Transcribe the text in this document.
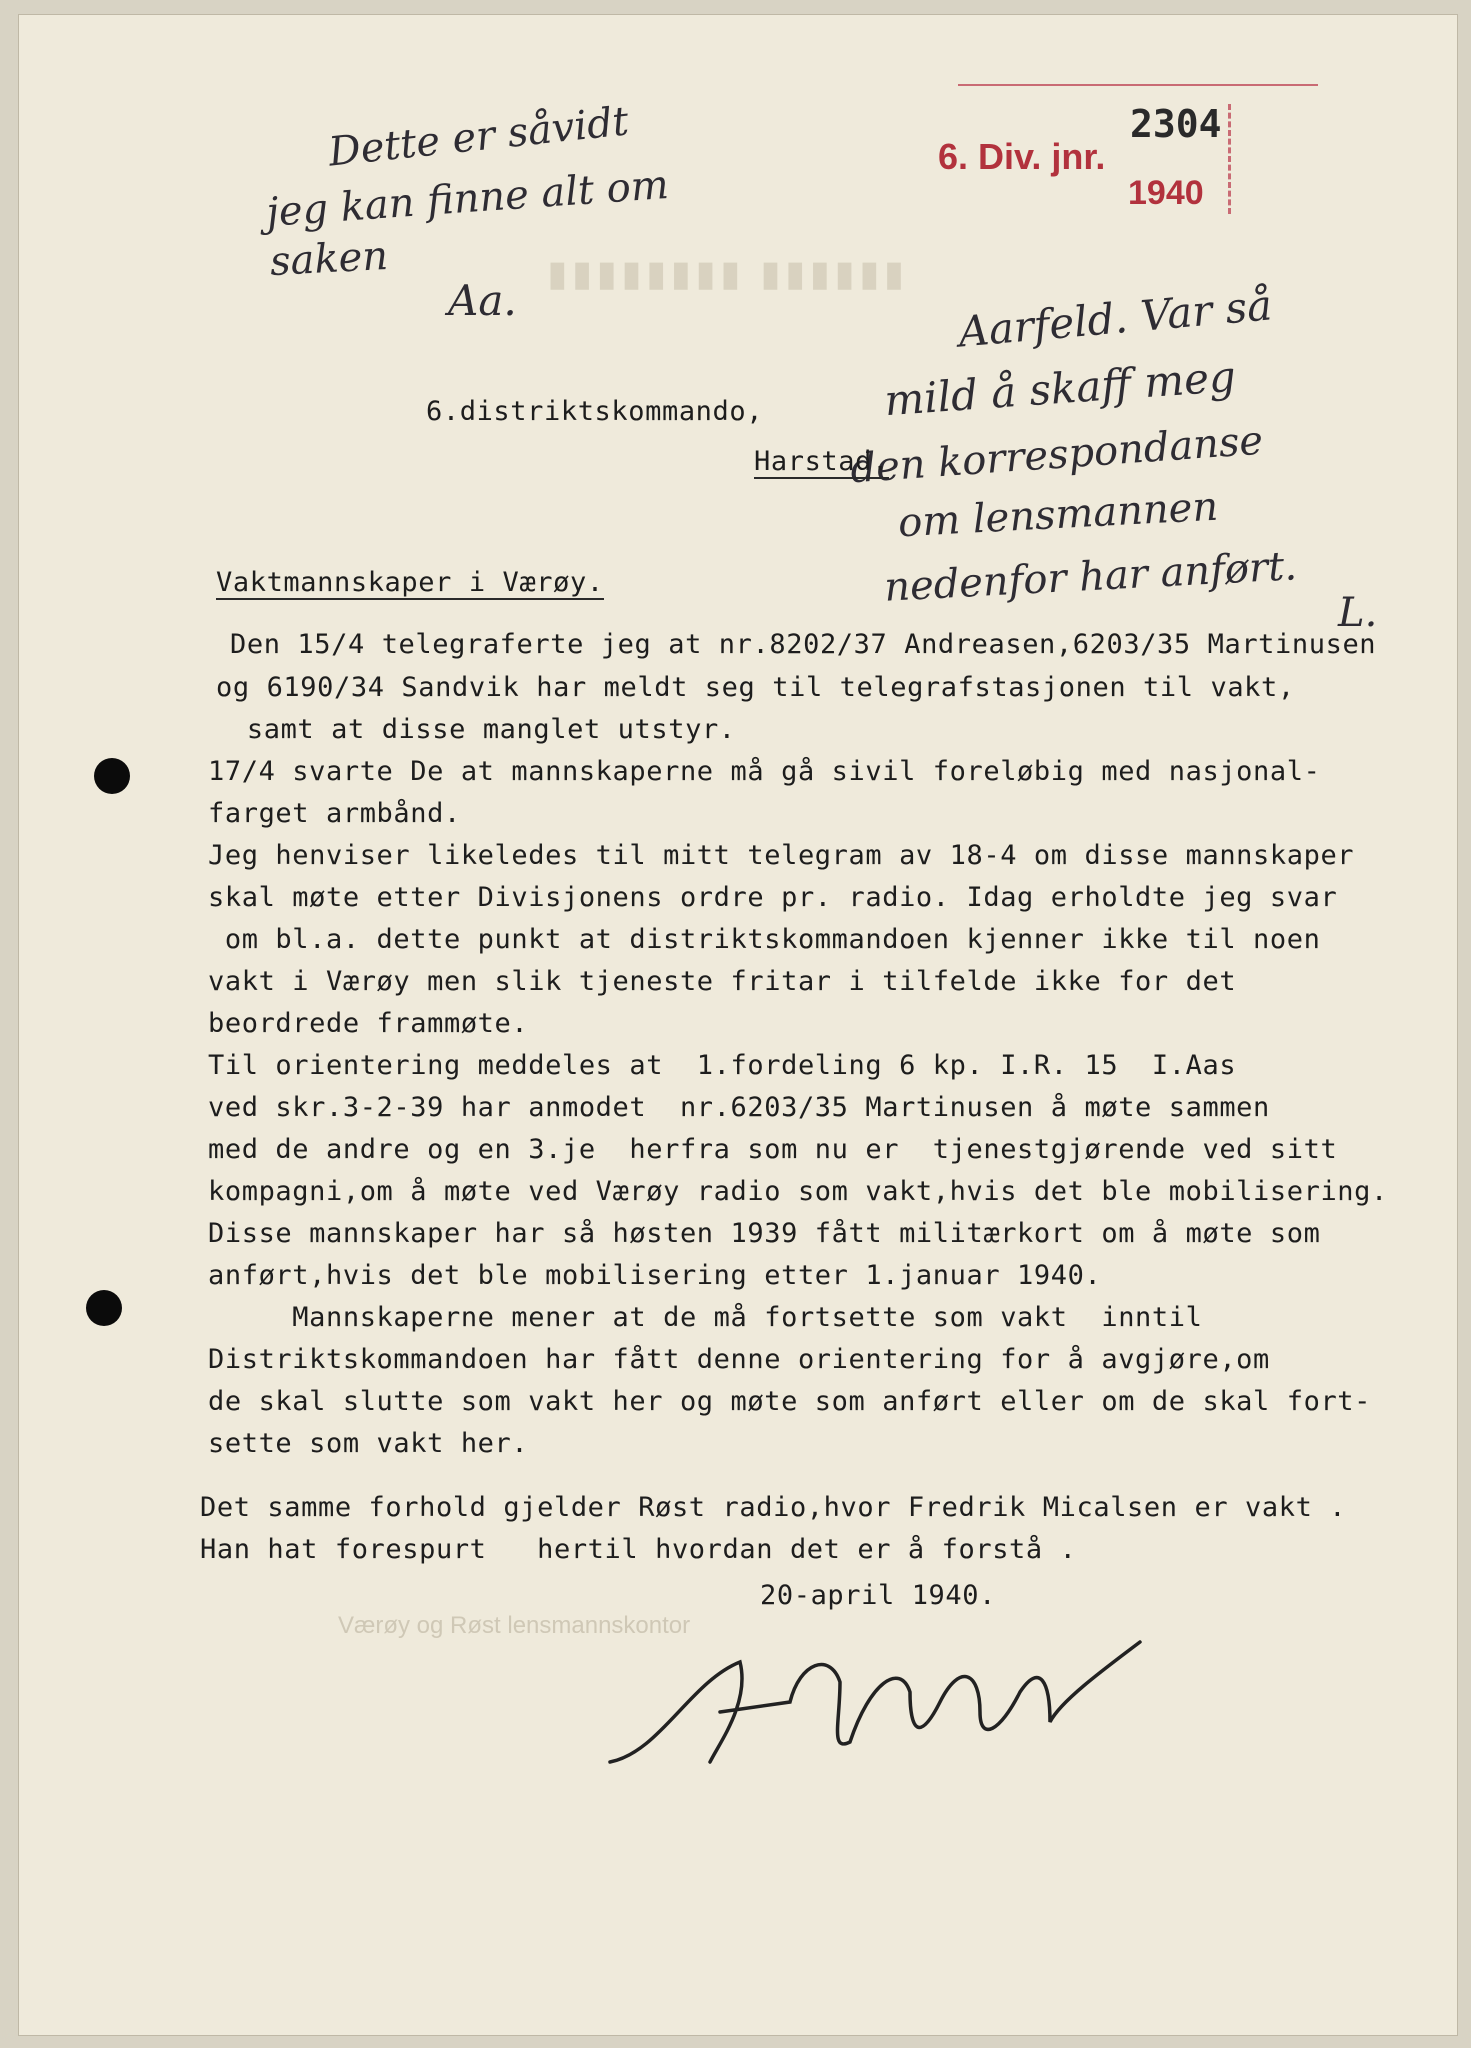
▮▮▮▮▮▮▮▮ ▮▮▮▮▮▮
Værøy og Røst lensmannskontor
2304
6. Div. jnr.
1940
Dette er såvidt
jeg kan finne alt om
saken
Aa.	Aarfeld. Var så
mild å skaff meg
den korrespondanse
om lensmannen
nedenfor har anført.
L.
6.distriktskommando,
Harstad.
Vaktmannskaper i Værøy.
Den 15/4 telegraferte jeg at nr.8202/37 Andreasen,6203/35 Martinusen
og 6190/34 Sandvik har meldt seg til telegrafstasjonen til vakt,
samt at disse manglet utstyr.
17/4 svarte De at mannskaperne må gå sivil foreløbig med nasjonal-
farget armbånd.
Jeg henviser likeledes til mitt telegram av 18-4 om disse mannskaper
skal møte etter Divisjonens ordre pr. radio. Idag erholdte jeg svar
om bl.a. dette punkt at distriktskommandoen kjenner ikke til noen
vakt i Værøy men slik tjeneste fritar i tilfelde ikke for det
beordrede frammøte.
Til orientering meddeles at  1.fordeling 6 kp. I.R. 15  I.Aas
ved skr.3-2-39 har anmodet  nr.6203/35 Martinusen å møte sammen
med de andre og en 3.je  herfra som nu er  tjenestgjørende ved sitt
kompagni,om å møte ved Værøy radio som vakt,hvis det ble mobilisering.
Disse mannskaper har så høsten 1939 fått militærkort om å møte som
anført,hvis det ble mobilisering etter 1.januar 1940.
Mannskaperne mener at de må fortsette som vakt  inntil
Distriktskommandoen har fått denne orientering for å avgjøre,om
de skal slutte som vakt her og møte som anført eller om de skal fort-
sette som vakt her.
Det samme forhold gjelder Røst radio,hvor Fredrik Micalsen er vakt .
Han hat forespurt   hertil hvordan det er å forstå .
20-april 1940.
